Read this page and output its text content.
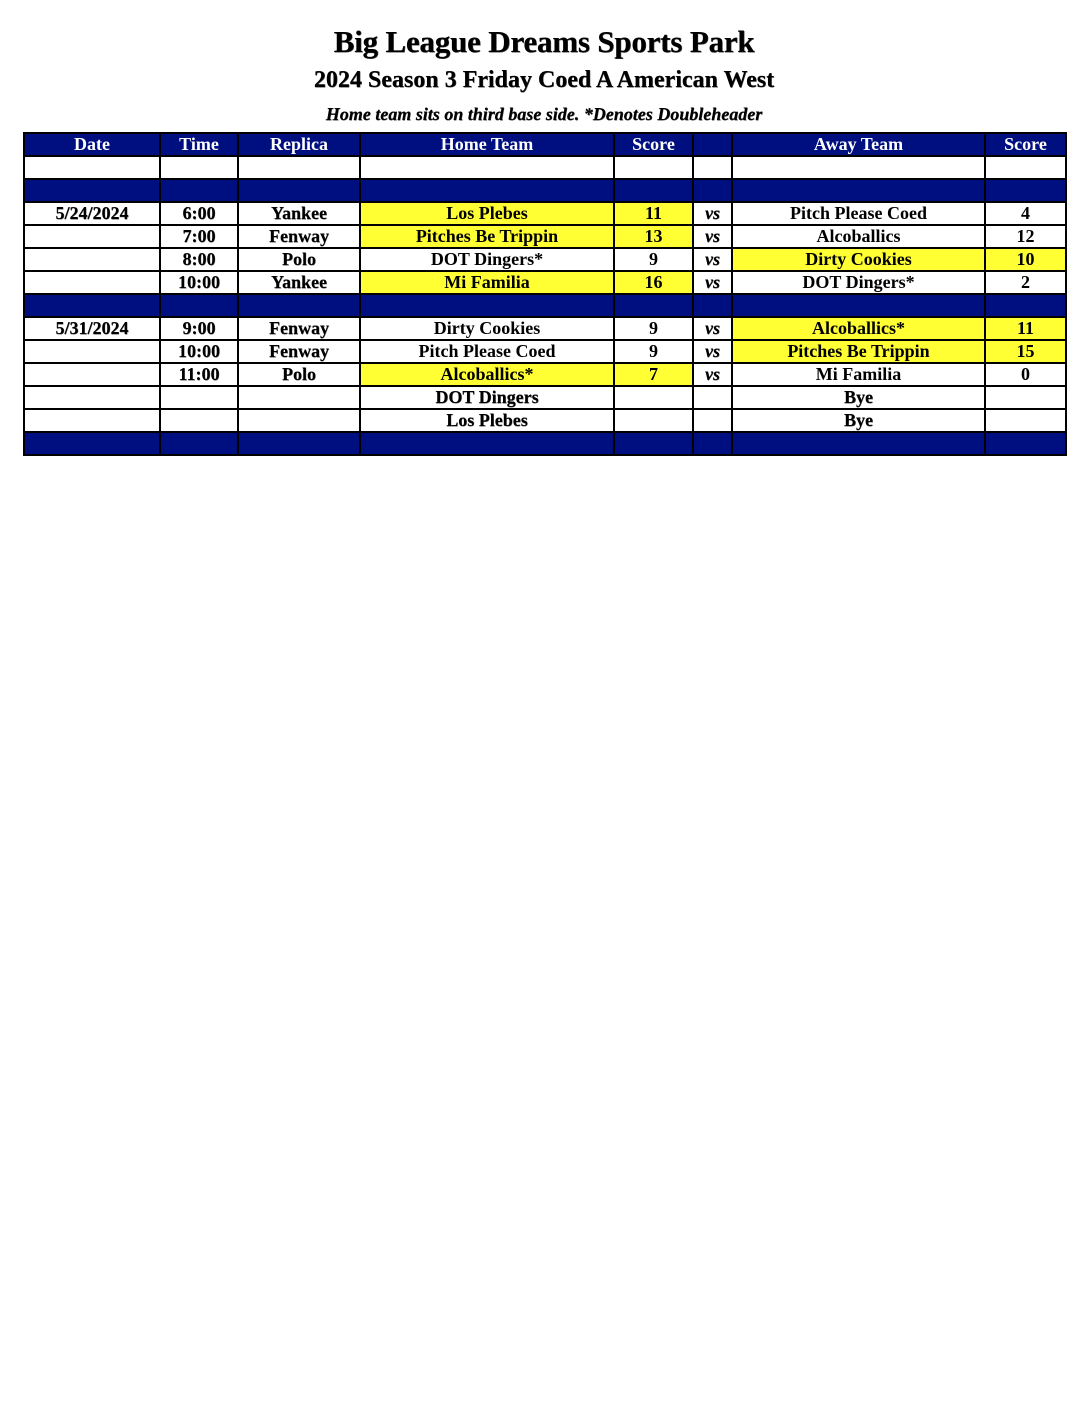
Big League Dreams Sports Park
2024 Season 3 Friday Coed A American West
Home team sits on third base side. *Denotes Doubleheader
Date	Time	Replica	Home Team	Score		Away Team	Score

5/24/2024	6:00	Yankee	Los Plebes	11	vs	Pitch Please Coed	4
	7:00	Fenway	Pitches Be Trippin	13	vs	Alcoballics	12
	8:00	Polo	DOT Dingers*	9	vs	Dirty Cookies	10
	10:00	Yankee	Mi Familia	16	vs	DOT Dingers*	2

5/31/2024	9:00	Fenway	Dirty Cookies	9	vs	Alcoballics*	11
	10:00	Fenway	Pitch Please Coed	9	vs	Pitches Be Trippin	15
	11:00	Polo	Alcoballics*	7	vs	Mi Familia	0
			DOT Dingers			Bye	
			Los Plebes			Bye	
